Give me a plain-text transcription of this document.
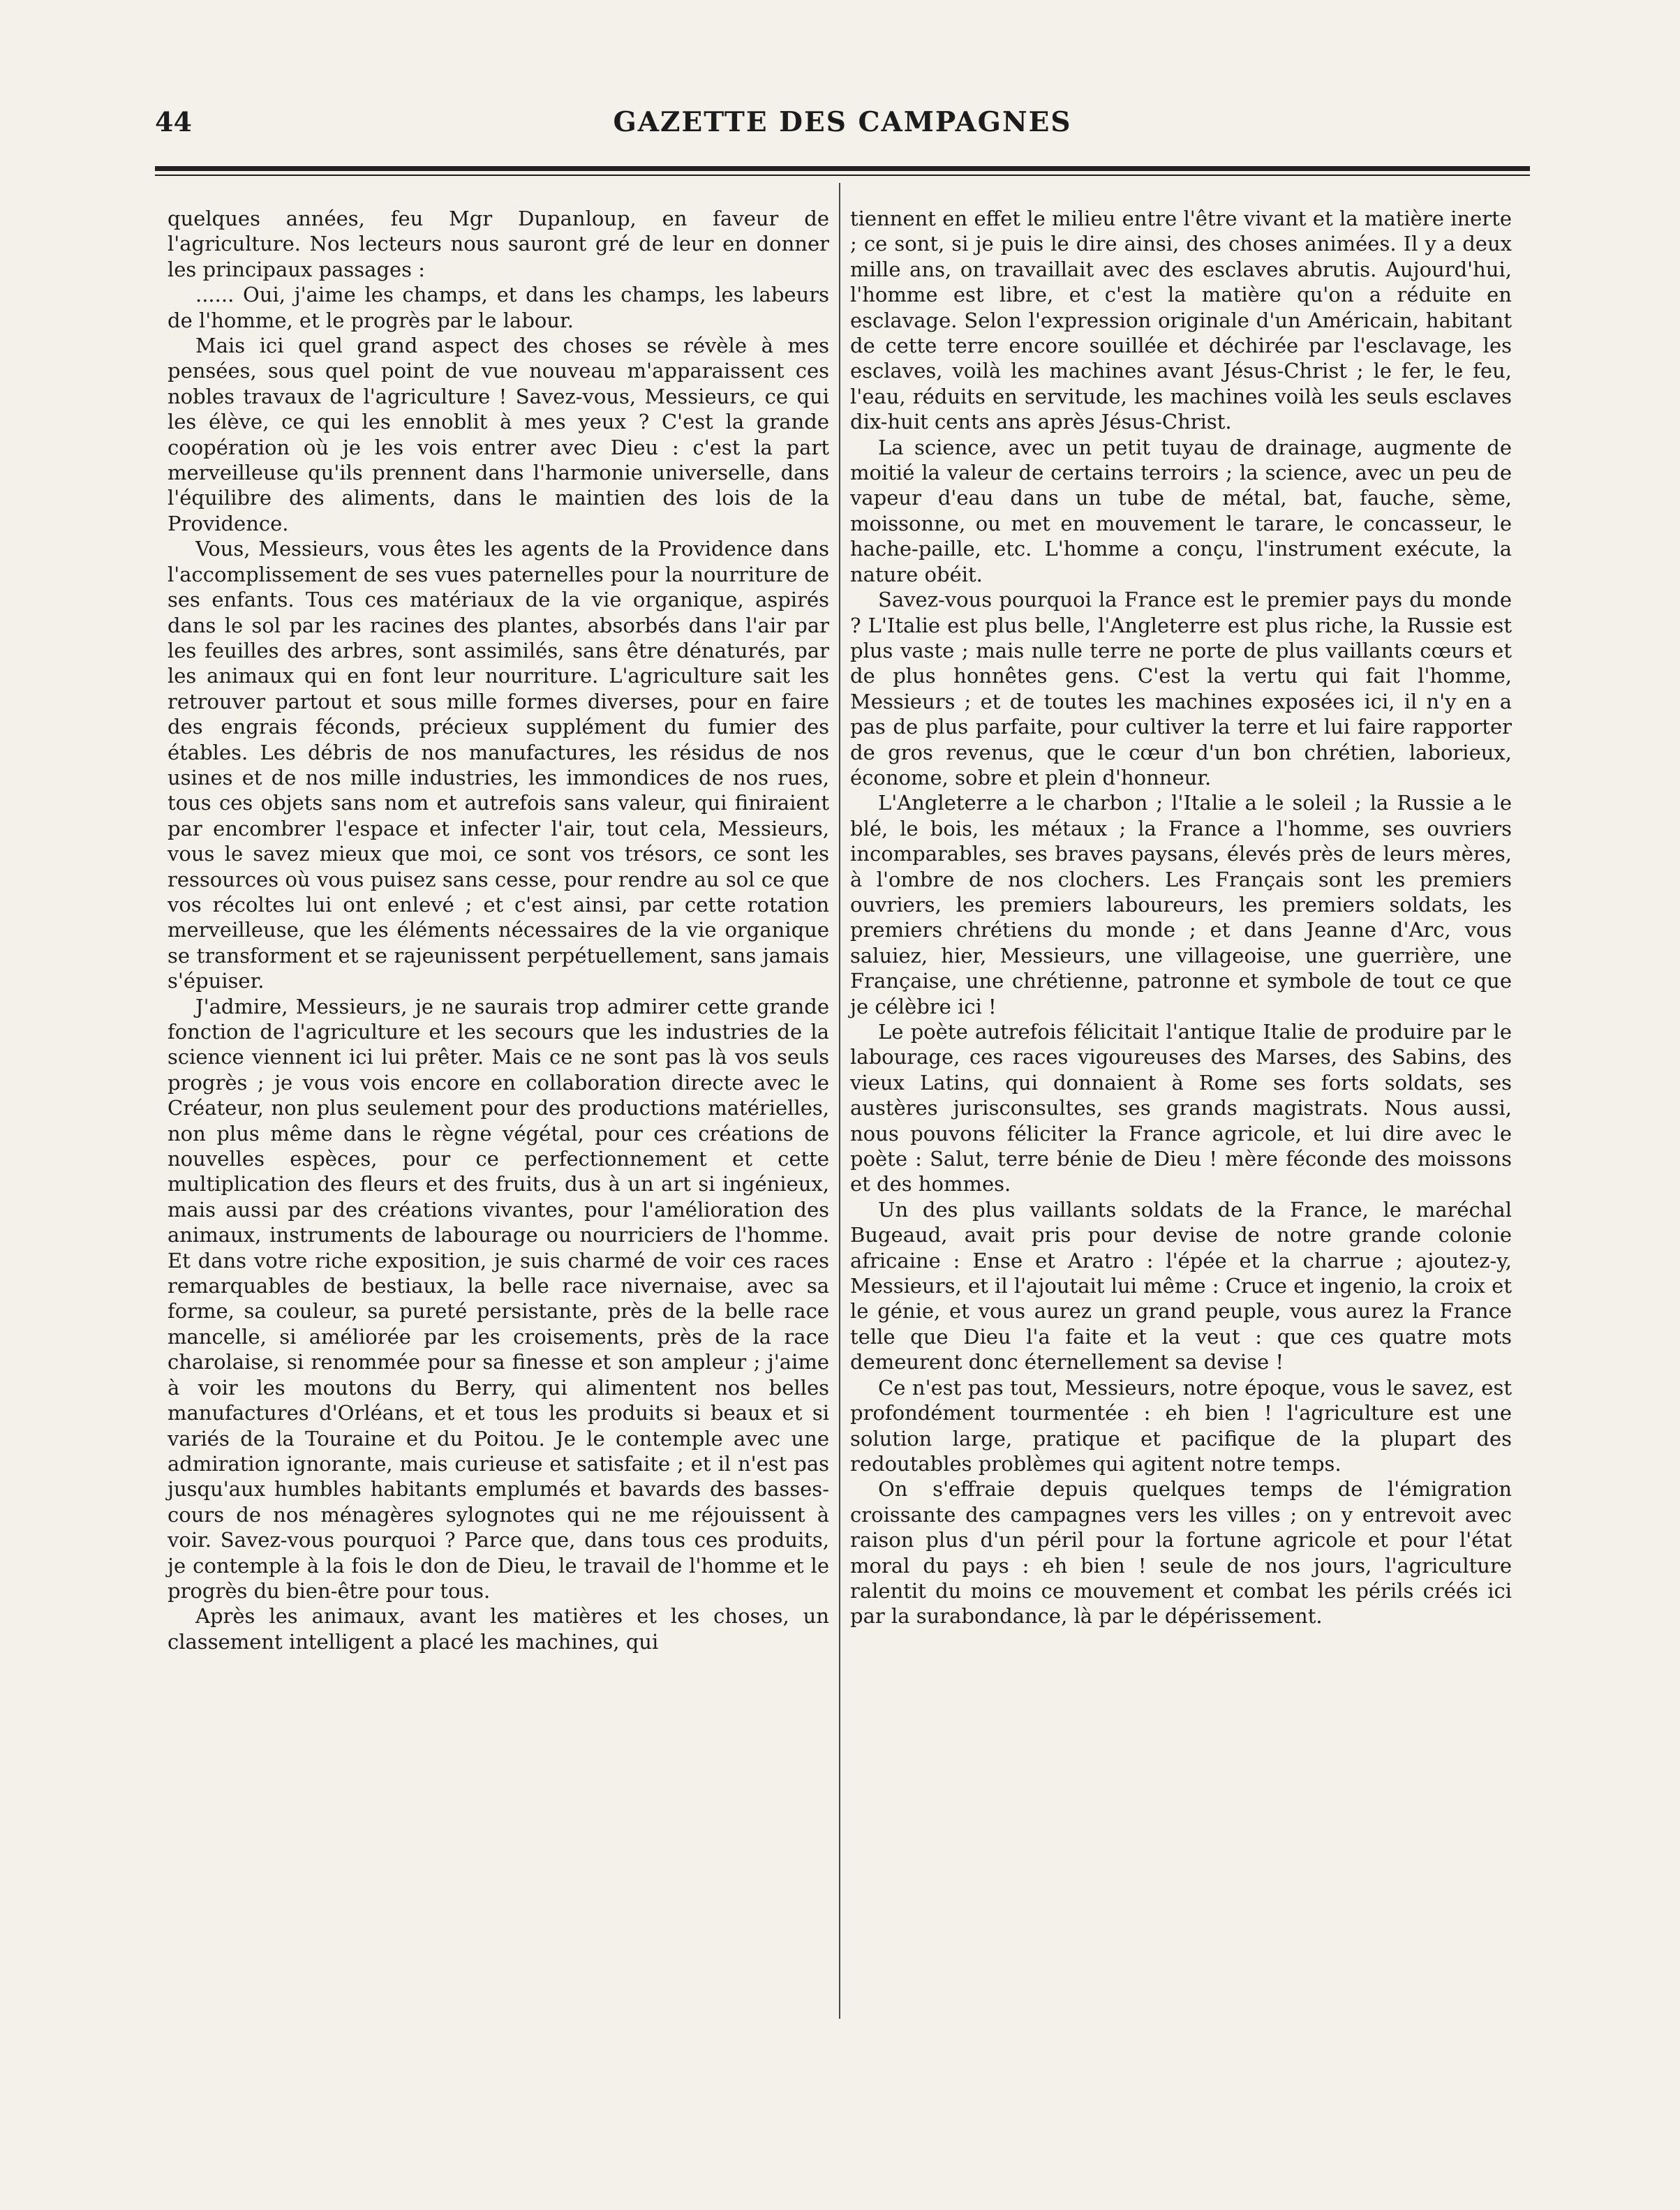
44	GAZETTE DES CAMPAGNES

quelques années, feu Mgr Dupanloup, en faveur de l'agriculture. Nos lecteurs nous sauront gré de leur en donner les principaux passages :

...... Oui, j'aime les champs, et dans les champs, les labeurs de l'homme, et le progrès par le labour.

Mais ici quel grand aspect des choses se révèle à mes pensées, sous quel point de vue nouveau m'apparaissent ces nobles travaux de l'agriculture ! Savez-vous, Messieurs, ce qui les élève, ce qui les ennoblit à mes yeux ? C'est la grande coopération où je les vois entrer avec Dieu : c'est la part merveilleuse qu'ils prennent dans l'harmonie universelle, dans l'équilibre des aliments, dans le maintien des lois de la Providence.

Vous, Messieurs, vous êtes les agents de la Providence dans l'accomplissement de ses vues paternelles pour la nourriture de ses enfants. Tous ces matériaux de la vie organique, aspirés dans le sol par les racines des plantes, absorbés dans l'air par les feuilles des arbres, sont assimilés, sans être dénaturés, par les animaux qui en font leur nourriture. L'agriculture sait les retrouver partout et sous mille formes diverses, pour en faire des engrais féconds, précieux supplément du fumier des étables. Les débris de nos manufactures, les résidus de nos usines et de nos mille industries, les immondices de nos rues, tous ces objets sans nom et autrefois sans valeur, qui finiraient par encombrer l'espace et infecter l'air, tout cela, Messieurs, vous le savez mieux que moi, ce sont vos trésors, ce sont les ressources où vous puisez sans cesse, pour rendre au sol ce que vos récoltes lui ont enlevé ; et c'est ainsi, par cette rotation merveilleuse, que les éléments nécessaires de la vie organique se transforment et se rajeunissent perpétuellement, sans jamais s'épuiser.

J'admire, Messieurs, je ne saurais trop admirer cette grande fonction de l'agriculture et les secours que les industries de la science viennent ici lui prêter. Mais ce ne sont pas là vos seuls progrès ; je vous vois encore en collaboration directe avec le Créateur, non plus seulement pour des productions matérielles, non plus même dans le règne végétal, pour ces créations de nouvelles espèces, pour ce perfectionnement et cette multiplication des fleurs et des fruits, dus à un art si ingénieux, mais aussi par des créations vivantes, pour l'amélioration des animaux, instruments de labourage ou nourriciers de l'homme. Et dans votre riche exposition, je suis charmé de voir ces races remarquables de bestiaux, la belle race nivernaise, avec sa forme, sa couleur, sa pureté persistante, près de la belle race mancelle, si améliorée par les croisements, près de la race charolaise, si renommée pour sa finesse et son ampleur ; j'aime à voir les moutons du Berry, qui alimentent nos belles manufactures d'Orléans, et et tous les produits si beaux et si variés de la Touraine et du Poitou. Je le contemple avec une admiration ignorante, mais curieuse et satisfaite ; et il n'est pas jusqu'aux humbles habitants emplumés et bavards des basses-cours de nos ménagères sylognotes qui ne me réjouissent à voir. Savez-vous pourquoi ? Parce que, dans tous ces produits, je contemple à la fois le don de Dieu, le travail de l'homme et le progrès du bien-être pour tous.

Après les animaux, avant les matières et les choses, un classement intelligent a placé les machines, qui

tiennent en effet le milieu entre l'être vivant et la matière inerte ; ce sont, si je puis le dire ainsi, des choses animées. Il y a deux mille ans, on travaillait avec des esclaves abrutis. Aujourd'hui, l'homme est libre, et c'est la matière qu'on a réduite en esclavage. Selon l'expression originale d'un Américain, habitant de cette terre encore souillée et déchirée par l'esclavage, les esclaves, voilà les machines avant Jésus-Christ ; le fer, le feu, l'eau, réduits en servitude, les machines voilà les seuls esclaves dix-huit cents ans après Jésus-Christ.

La science, avec un petit tuyau de drainage, augmente de moitié la valeur de certains terroirs ; la science, avec un peu de vapeur d'eau dans un tube de métal, bat, fauche, sème, moissonne, ou met en mouvement le tarare, le concasseur, le hache-paille, etc. L'homme a conçu, l'instrument exécute, la nature obéit.

Savez-vous pourquoi la France est le premier pays du monde ? L'Italie est plus belle, l'Angleterre est plus riche, la Russie est plus vaste ; mais nulle terre ne porte de plus vaillants cœurs et de plus honnêtes gens. C'est la vertu qui fait l'homme, Messieurs ; et de toutes les machines exposées ici, il n'y en a pas de plus parfaite, pour cultiver la terre et lui faire rapporter de gros revenus, que le cœur d'un bon chrétien, laborieux, économe, sobre et plein d'honneur.

L'Angleterre a le charbon ; l'Italie a le soleil ; la Russie a le blé, le bois, les métaux ; la France a l'homme, ses ouvriers incomparables, ses braves paysans, élevés près de leurs mères, à l'ombre de nos clochers. Les Français sont les premiers ouvriers, les premiers laboureurs, les premiers soldats, les premiers chrétiens du monde ; et dans Jeanne d'Arc, vous saluiez, hier, Messieurs, une villageoise, une guerrière, une Française, une chrétienne, patronne et symbole de tout ce que je célèbre ici !

Le poète autrefois félicitait l'antique Italie de produire par le labourage, ces races vigoureuses des Marses, des Sabins, des vieux Latins, qui donnaient à Rome ses forts soldats, ses austères jurisconsultes, ses grands magistrats. Nous aussi, nous pouvons féliciter la France agricole, et lui dire avec le poète : Salut, terre bénie de Dieu ! mère féconde des moissons et des hommes.

Un des plus vaillants soldats de la France, le maréchal Bugeaud, avait pris pour devise de notre grande colonie africaine : Ense et Aratro : l'épée et la charrue ; ajoutez-y, Messieurs, et il l'ajoutait lui même : Cruce et ingenio, la croix et le génie, et vous aurez un grand peuple, vous aurez la France telle que Dieu l'a faite et la veut : que ces quatre mots demeurent donc éternellement sa devise !

Ce n'est pas tout, Messieurs, notre époque, vous le savez, est profondément tourmentée : eh bien ! l'agriculture est une solution large, pratique et pacifique de la plupart des redoutables problèmes qui agitent notre temps.

On s'effraie depuis quelques temps de l'émigration croissante des campagnes vers les villes ; on y entrevoit avec raison plus d'un péril pour la fortune agricole et pour l'état moral du pays : eh bien ! seule de nos jours, l'agriculture ralentit du moins ce mouvement et combat les périls créés ici par la surabondance, là par le dépérissement.
